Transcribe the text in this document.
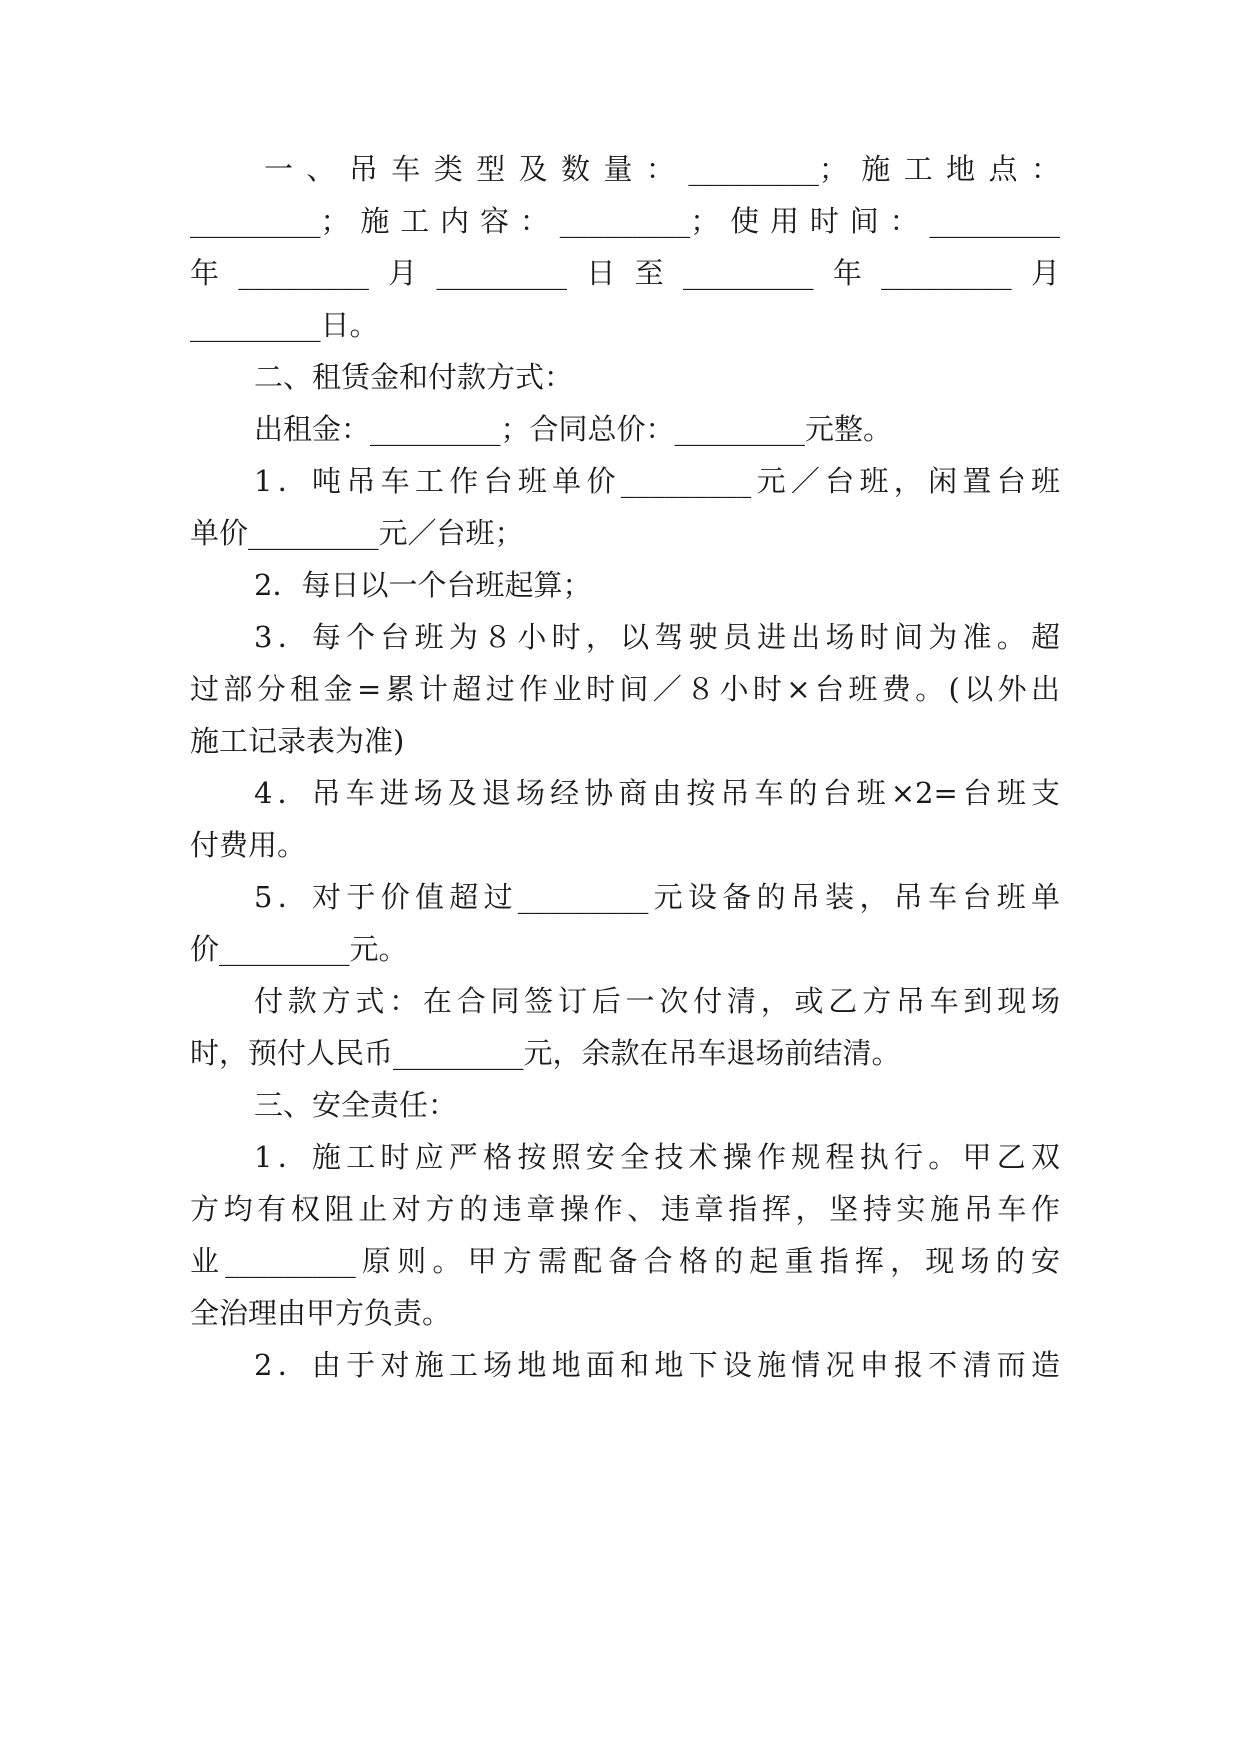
一、吊车类型及数量：_________；施工地点：
_________；施工内容：_________；使用时间：_________
年_________月_________日至_________年_________月
_________日。
二、租赁金和付款方式：
出租金：_________；合同总价：_________元整。
1．吨吊车工作台班单价_________元／台班，闲置台班
单价_________元／台班；
2．每日以一个台班起算；
3．每个台班为８小时，以驾驶员进出场时间为准。超
过部分租金=累计超过作业时间／８小时×台班费。(以外出
施工记录表为准)
4．吊车进场及退场经协商由按吊车的台班×2=台班支
付费用。
5．对于价值超过_________元设备的吊装，吊车台班单
价_________元。
付款方式：在合同签订后一次付清，或乙方吊车到现场
时，预付人民币_________元，余款在吊车退场前结清。
三、安全责任：
1．施工时应严格按照安全技术操作规程执行。甲乙双
方均有权阻止对方的违章操作、违章指挥，坚持实施吊车作
业_________原则。甲方需配备合格的起重指挥，现场的安
全治理由甲方负责。
2．由于对施工场地地面和地下设施情况申报不清而造
